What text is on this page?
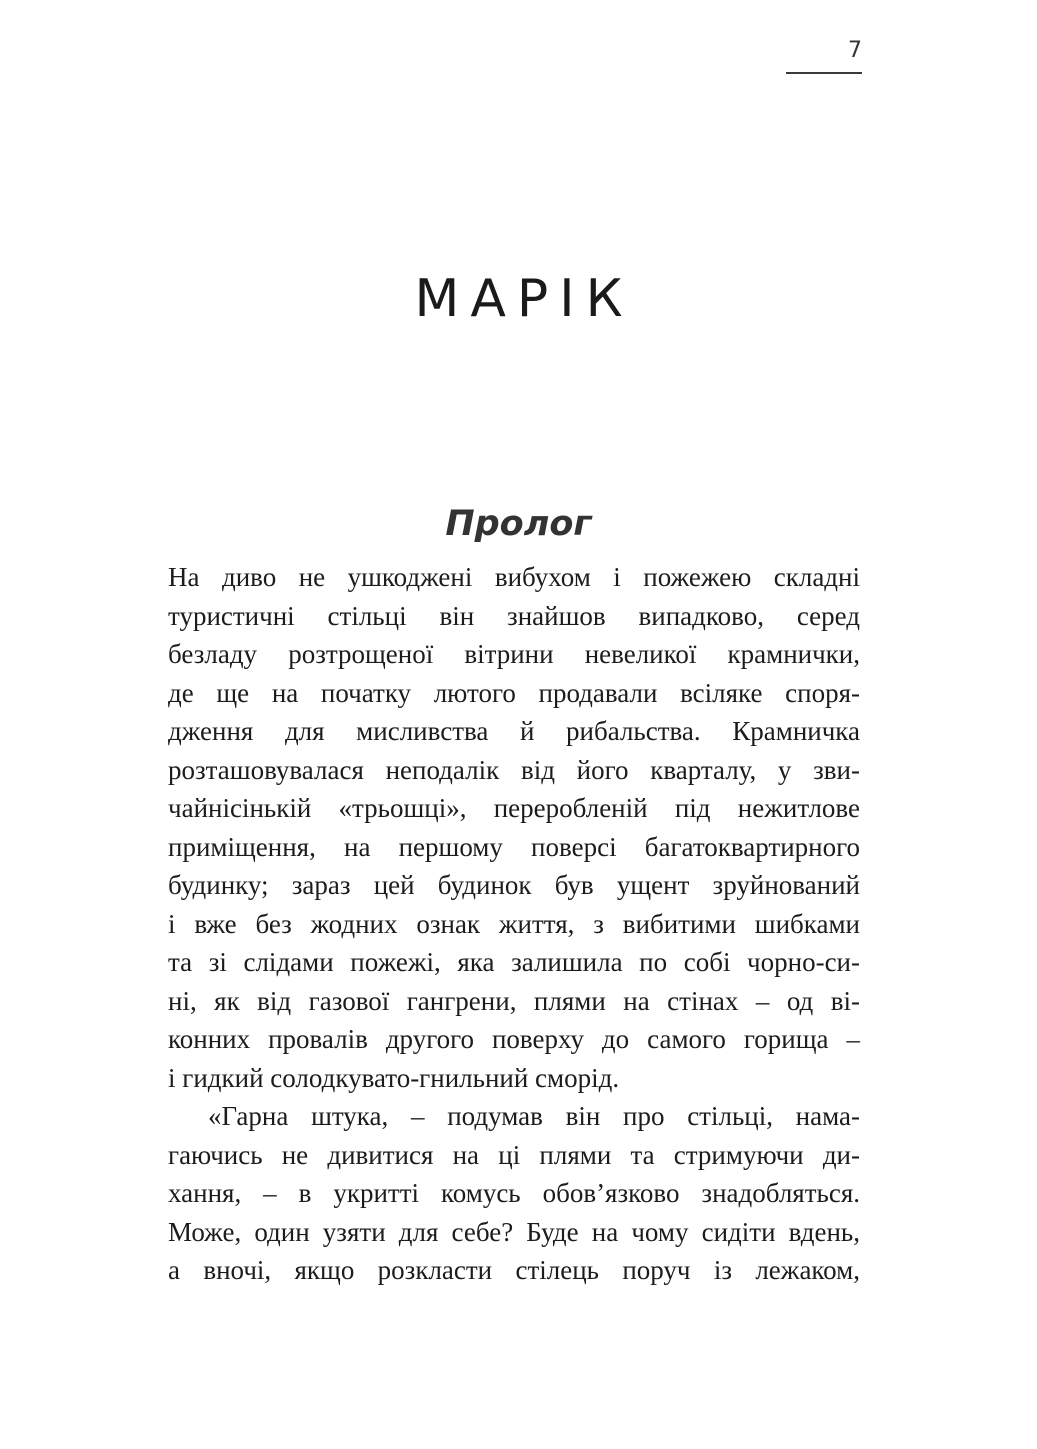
7
МАРІК
Пролог
На диво не ушкоджені вибухом і пожежею складні
туристичні стільці він знайшов випадково, серед
безладу розтрощеної вітрини невеликої крамнички,
де ще на початку лютого продавали всіляке споря-
дження для мисливства й рибальства. Крамничка
розташовувалася неподалік від його кварталу, у зви-
чайнісінькій «трьошці», переробленій під нежитлове
приміщення, на першому поверсі багатоквартирного
будинку; зараз цей будинок був ущент зруйнований
і вже без жодних ознак життя, з вибитими шибками
та зі слідами пожежі, яка залишила по собі чорно-си-
ні, як від газової гангрени, плями на стінах – од ві-
конних провалів другого поверху до самого горища –
і гидкий солодкувато-гнильний сморід.
«Гарна штука, – подумав він про стільці, нама-
гаючись не дивитися на ці плями та стримуючи ди-
хання, – в укритті комусь обов’язково знадобляться.
Може, один узяти для себе? Буде на чому сидіти вдень,
а вночі, якщо розкласти стілець поруч із лежаком,
